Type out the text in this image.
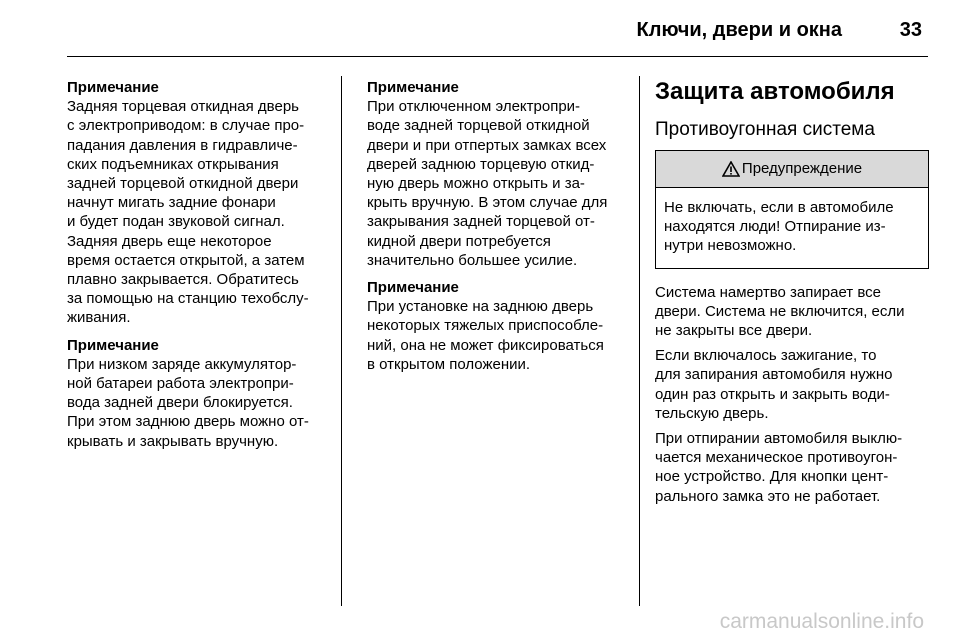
Ключи, двери и окна	33
Примечание
Задняя торцевая откидная дверь
с электроприводом: в случае про-
падания давления в гидравличе-
ских подъемниках открывания
задней торцевой откидной двери
начнут мигать задние фонари
и будет подан звуковой сигнал.
Задняя дверь еще некоторое
время остается открытой, а затем
плавно закрывается. Обратитесь
за помощью на станцию техобслу-
живания.
Примечание
При низком заряде аккумулятор-
ной батареи работа электропри-
вода задней двери блокируется.
При этом заднюю дверь можно от-
крывать и закрывать вручную.
Примечание
При отключенном электропри-
воде задней торцевой откидной
двери и при отпертых замках всех
дверей заднюю торцевую откид-
ную дверь можно открыть и за-
крыть вручную. В этом случае для
закрывания задней торцевой от-
кидной двери потребуется
значительно большее усилие.
Примечание
При установке на заднюю дверь
некоторых тяжелых приспособле-
ний, она не может фиксироваться
в открытом положении.
Защита автомобиля
Противоугонная система
Предупреждение
Не включать, если в автомобиле
находятся люди! Отпирание из-
нутри невозможно.
Система намертво запирает все
двери. Система не включится, если
не закрыты все двери.
Если включалось зажигание, то
для запирания автомобиля нужно
один раз открыть и закрыть води-
тельскую дверь.
При отпирании автомобиля выклю-
чается механическое противоугон-
ное устройство. Для кнопки цент-
рального замка это не работает.
carmanualsonline.info
